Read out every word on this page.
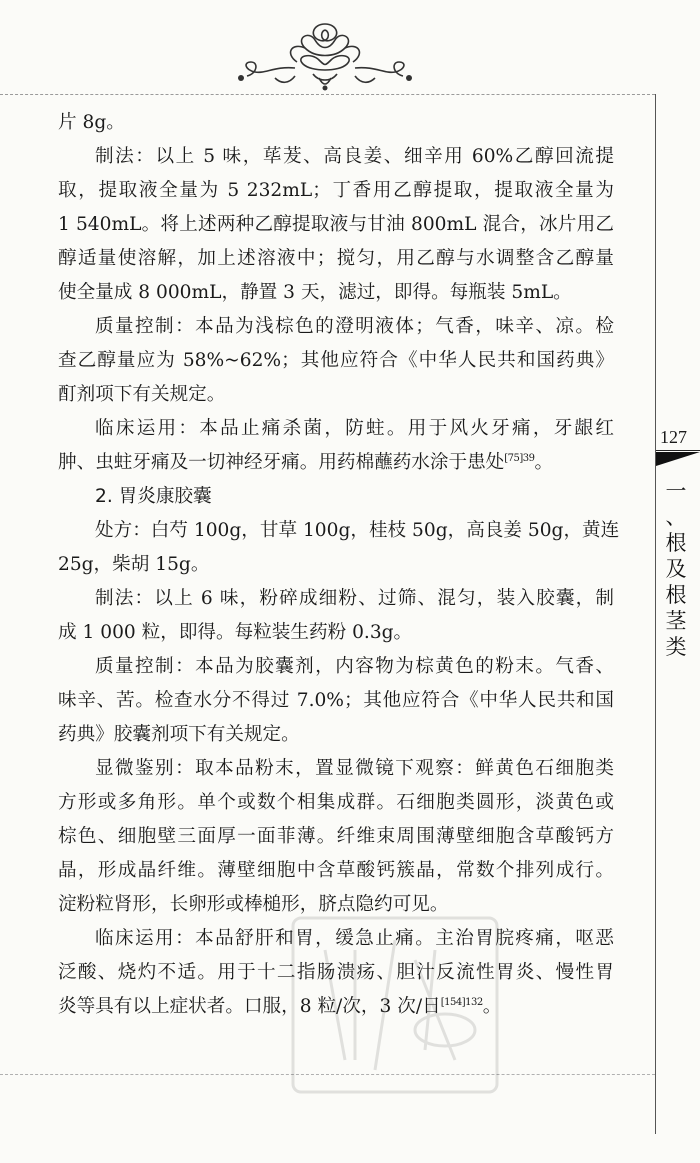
片 8g。
制法：以上 5 味，荜茇、高良姜、细辛用 60%乙醇回流提
取，提取液全量为 5 232mL；丁香用乙醇提取，提取液全量为
1 540mL。将上述两种乙醇提取液与甘油 800mL 混合，冰片用乙
醇适量使溶解，加上述溶液中；搅匀，用乙醇与水调整含乙醇量
使全量成 8 000mL，静置 3 天，滤过，即得。每瓶装 5mL。
质量控制：本品为浅棕色的澄明液体；气香，味辛、凉。检
查乙醇量应为 58%~62%；其他应符合《中华人民共和国药典》
酊剂项下有关规定。
临床运用：本品止痛杀菌，防蛀。用于风火牙痛，牙龈红
肿、虫蛀牙痛及一切神经牙痛。用药棉蘸药水涂于患处$^{[75]39}$。
2. 胃炎康胶囊
处方：白芍 100g，甘草 100g，桂枝 50g，高良姜 50g，黄连
25g，柴胡 15g。
制法：以上 6 味，粉碎成细粉、过筛、混匀，装入胶囊，制
成 1 000 粒，即得。每粒装生药粉 0.3g。
质量控制：本品为胶囊剂，内容物为棕黄色的粉末。气香、
味辛、苦。检查水分不得过 7.0%；其他应符合《中华人民共和国
药典》胶囊剂项下有关规定。
显微鉴别：取本品粉末，置显微镜下观察：鲜黄色石细胞类
方形或多角形。单个或数个相集成群。石细胞类圆形，淡黄色或
棕色、细胞壁三面厚一面菲薄。纤维束周围薄壁细胞含草酸钙方
晶，形成晶纤维。薄壁细胞中含草酸钙簇晶，常数个排列成行。
淀粉粒肾形，长卵形或棒槌形，脐点隐约可见。
临床运用：本品舒肝和胃，缓急止痛。主治胃脘疼痛，呕恶
泛酸、烧灼不适。用于十二指肠溃疡、胆汁反流性胃炎、慢性胃
炎等具有以上症状者。口服，8 粒/次，3 次/日$^{[154]132}$。
127
一
、
根
及
根
茎
类
